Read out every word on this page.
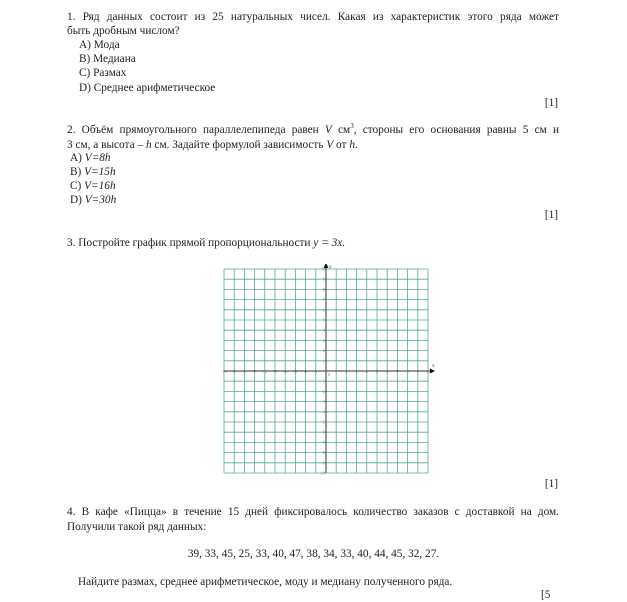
1. Ряд данных состоит из 25 натуральных чисел. Какая из характеристик этого ряда может
быть дробным числом?
A) Мода
B) Медиана
C) Размах
D) Среднее арифметическое
[1]
2. Объём прямоугольного параллелепипеда равен V $см^3$, стороны его основания равны 5 см и
3 см, а высота – h см. Задайте формулой зависимость V от h.
A) V=8h
B) V=15h
C) V=16h
D) V=30h
[1]
3. Постройте график прямой пропорциональности y = 3x.
x
y
-10 -9 -8 -7 -6 -5 -4 -3 -2 -1	1 2 3 4 5 6 7 8 9 10
-10
-9
-8
-7
-6
-5
-4
-3
-2
-1
1
2
3
4
5
6
7
8
9
10
0
[1]
4. В кафе «Пицца» в течение 15 дней фиксировалось количество заказов с доставкой на дом.
Получили такой ряд данных:
39, 33, 45, 25, 33, 40, 47, 38, 34, 33, 40, 44, 45, 32, 27.
Найдите размах, среднее арифметическое, моду и медиану полученного ряда.
[5
